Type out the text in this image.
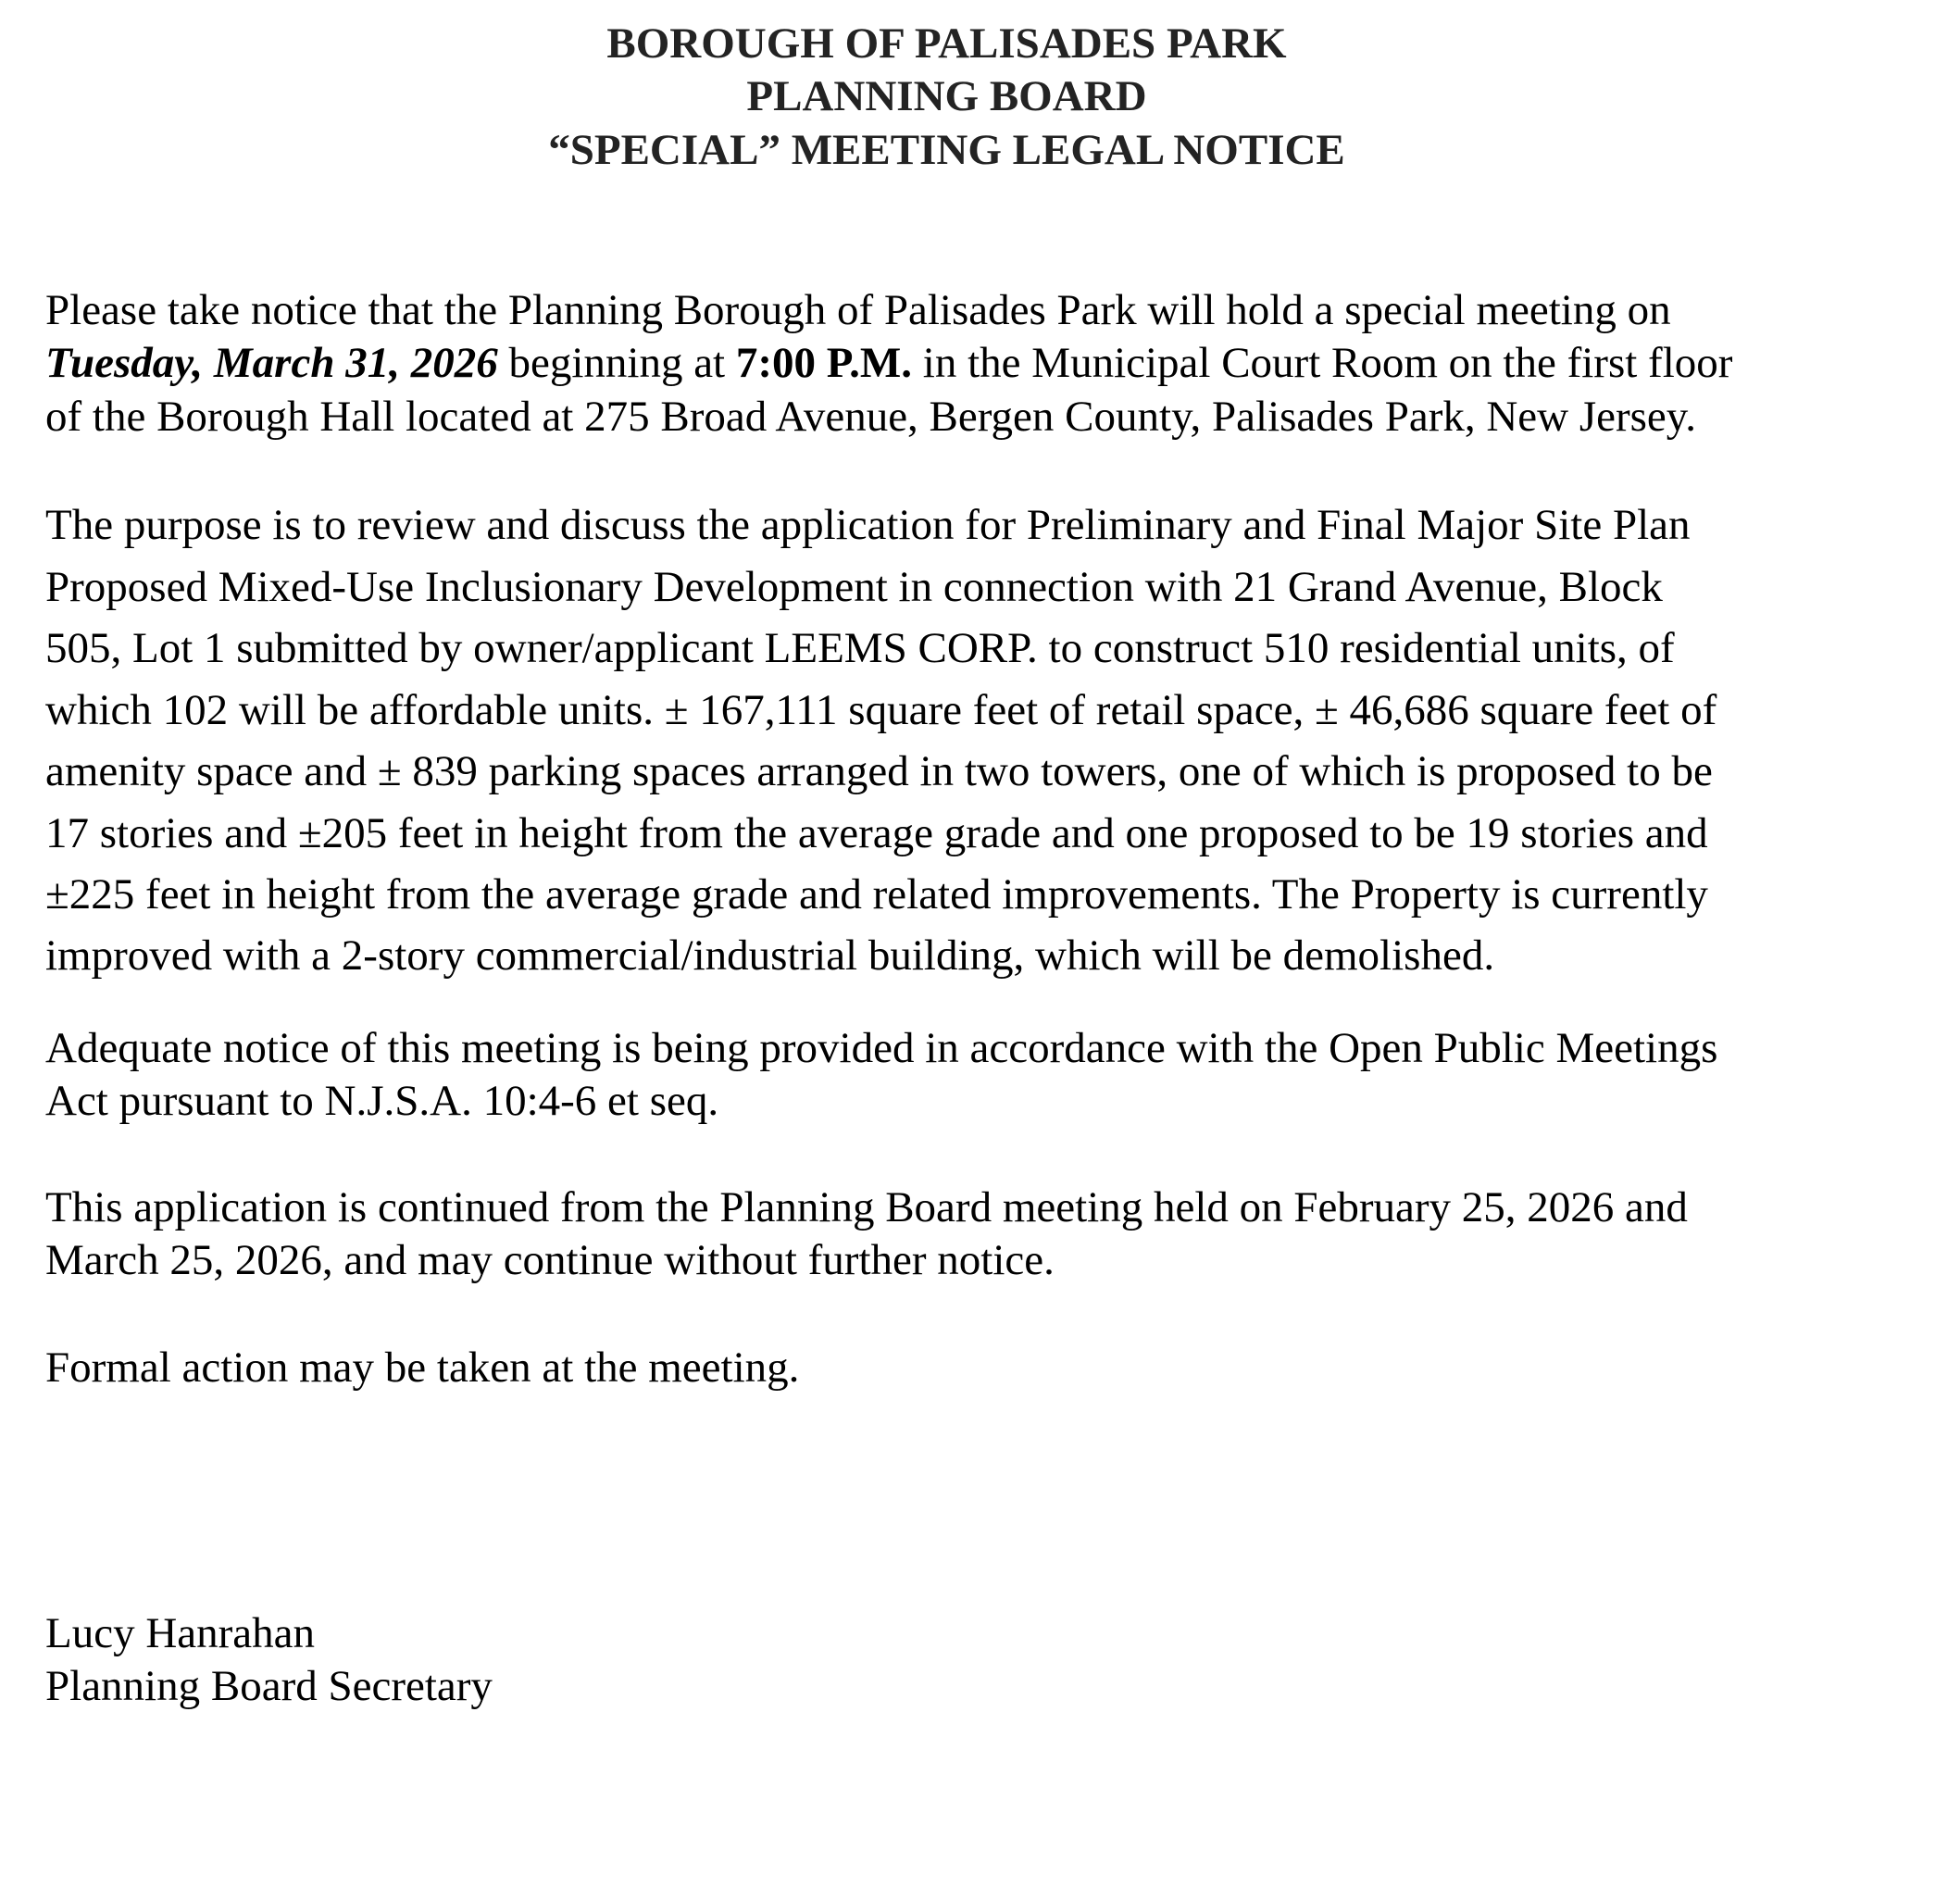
BOROUGH OF PALISADES PARK
PLANNING BOARD
“SPECIAL” MEETING LEGAL NOTICE
Please take notice that the Planning Borough of Palisades Park will hold a special meeting on
Tuesday, March 31, 2026 beginning at 7:00 P.M. in the Municipal Court Room on the first floor
of the Borough Hall located at 275 Broad Avenue, Bergen County, Palisades Park, New Jersey.
The purpose is to review and discuss the application for Preliminary and Final Major Site Plan
Proposed Mixed-Use Inclusionary Development in connection with 21 Grand Avenue, Block
505, Lot 1 submitted by owner/applicant LEEMS CORP. to construct 510 residential units, of
which 102 will be affordable units. ± 167,111 square feet of retail space, ± 46,686 square feet of
amenity space and ± 839 parking spaces arranged in two towers, one of which is proposed to be
17 stories and ±205 feet in height from the average grade and one proposed to be 19 stories and
±225 feet in height from the average grade and related improvements. The Property is currently
improved with a 2-story commercial/industrial building, which will be demolished.
Adequate notice of this meeting is being provided in accordance with the Open Public Meetings
Act pursuant to N.J.S.A. 10:4-6 et seq.
This application is continued from the Planning Board meeting held on February 25, 2026 and
March 25, 2026, and may continue without further notice.
Formal action may be taken at the meeting.
Lucy Hanrahan
Planning Board Secretary
